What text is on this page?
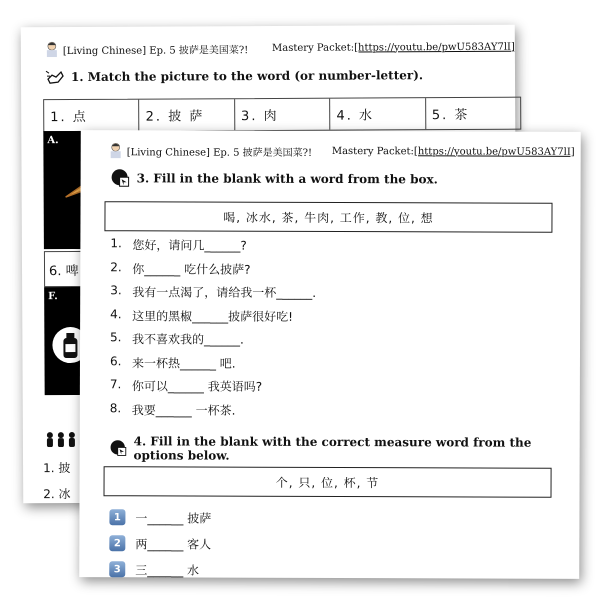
[Living Chinese] Ep. 5 披萨是美国菜?! Mastery Packet: [https://youtu.be/pwU583AY7lI]
1. Match the picture to the word (or number-letter).
1. 点	2. 披 萨	3. 肉	4. 水	5. 茶
A.
6. 啤
F.
1. 披
2. 冰
[Living Chinese] Ep. 5 披萨是美国菜?! Mastery Packet: [https://youtu.be/pwU583AY7lI]
3. Fill in the blank with a word from the box.
喝, 冰水, 茶, 牛肉, 工作, 教, 位, 想
1. 您好，请问几______?
2. 你______ 吃什么披萨?
3. 我有一点渴了，请给我一杯______.
4. 这里的黑椒______披萨很好吃!
5. 我不喜欢我的______.
6. 来一杯热______ 吧.
7. 你可以______ 我英语吗?
8. 我要______ 一杯茶.
4. Fill in the blank with the correct measure word from the options below.
个, 只, 位, 杯, 节
1	一______ 披萨
2	两______ 客人
3	三______ 水
